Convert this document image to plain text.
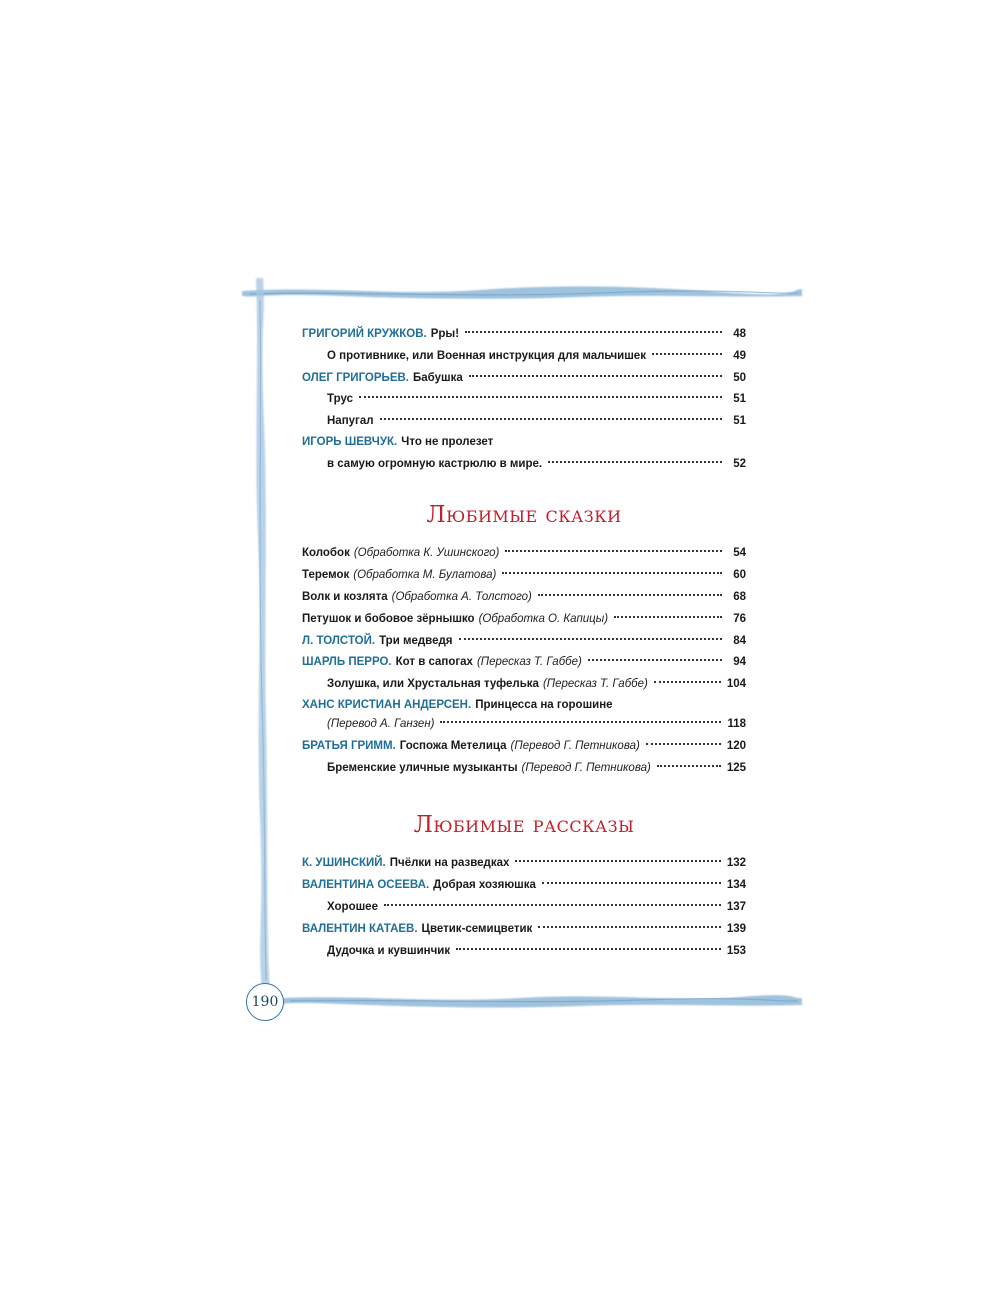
ГРИГОРИЙ КРУЖКОВ. Рры!	48
О противнике, или Военная инструкция для мальчишек	49
ОЛЕГ ГРИГОРЬЕВ. Бабушка	50
Трус	51
Напугал	51
ИГОРЬ ШЕВЧУК. Что не пролезет
в самую огромную кастрюлю в мире.	52
Колобок (Обработка К. Ушинского)	54
Теремок (Обработка М. Булатова)	60
Волк и козлята (Обработка А. Толстого)	68
Петушок и бобовое зёрнышко (Обработка О. Капицы)	76
Л. ТОЛСТОЙ. Три медведя	84
ШАРЛЬ ПЕРРО. Кот в сапогах (Пересказ Т. Габбе)	94
Золушка, или Хрустальная туфелька (Пересказ Т. Габбе)	104
ХАНС КРИСТИАН АНДЕРСЕН. Принцесса на горошине
(Перевод А. Ганзен)	118
БРАТЬЯ ГРИММ. Госпожа Метелица (Перевод Г. Петникова)	120
Бременские уличные музыканты (Перевод Г. Петникова)	125
К. УШИНСКИЙ. Пчёлки на разведках	132
ВАЛЕНТИНА ОСЕЕВА. Добрая хозяюшка	134
Хорошее	137
ВАЛЕНТИН КАТАЕВ. Цветик-семицветик	139
Дудочка и кувшинчик	153
190
Любимые сказки
Любимые рассказы
